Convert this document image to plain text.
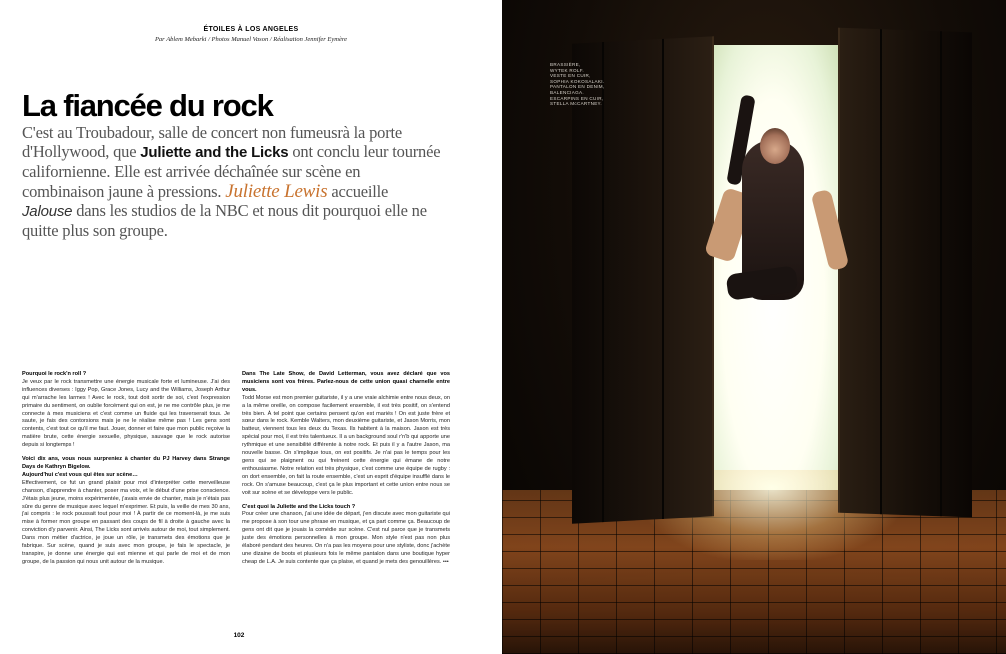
ÉTOILES À LOS ANGELES
Par Ablem Mebarki / Photos Manuel Vason / Réalisation Jennifer Eymère
La fiancée du rock

C'est au Troubadour, salle de concert non fumeusrà la porte d'Hollywood, que Juliette and the Licks ont conclu leur tournée californienne. Elle est arrivée déchaînée sur scène en combinaison jaune à pressions. Juliette Lewis accueille Jalouse dans les studios de la NBC et nous dit pourquoi elle ne quitte plus son groupe.

Pourquoi le rock'n roll ?

Je veux par le rock transmettre une énergie musicale forte et lumineuse. J'ai des influences diverses : Iggy Pop, Grace Jones, Lucy and the Williams, Joseph Arthur qui m'arrache les larmes ! Avec le rock, tout doit sortir de soi, c'est l'expression primaire du sentiment, on oublie forcément qui on est, je ne me contrôle plus, je me connecte à mes musiciens et c'est comme un fluide qui les traverserait tous. Je saute, je fais des contorsions mais je ne le réalise même pas ! Les gens sont contents, c'est tout ce qu'il me faut. Jouer, donner et faire que mon public reçoive la matière brute, cette énergie sexuelle, physique, sauvage que le rock autorise depuis si longtemps !

Voici dix ans, vous nous surpreniez à chanter du PJ Harvey dans Strange Days de Kathryn Bigelow.

Aujourd'hui c'est vous qui êtes sur scène…

Effectivement, ce fut un grand plaisir pour moi d'interpréter cette merveilleuse chanson, d'apprendre à chanter, poser ma voix, et le début d'une prise conscience. J'étais plus jeune, moins expérimentée, j'avais envie de chanter, mais je n'étais pas sûre du genre de musique avec lequel m'exprimer. Et puis, la veille de mes 30 ans, j'ai compris : le rock poussait tout pour moi ! À partir de ce moment-là, je me suis mise à former mon groupe en passant des coups de fil à droite à gauche avec la conviction d'y parvenir. Ainsi, The Licks sont arrivés autour de moi, tout simplement. Dans mon métier d'actrice, je joue un rôle, je transmets des émotions que je fabrique. Sur scène, quand je suis avec mon groupe, je fais le spectacle, je transpire, je donne une énergie qui est mienne et qui parle de moi et de mon groupe, de la passion qui nous unit autour de la musique.

Dans The Late Show, de David Letterman, vous avez déclaré que vos musiciens sont vos frères. Parlez-nous de cette union quasi charnelle entre vous.

Todd Morse est mon premier guitariste, il y a une vraie alchimie entre nous deux, on a la même oreille, on compose facilement ensemble, il est très positif, on s'entend très bien. À tel point que certains pensent qu'on est mariés ! On est juste frère et sœur dans le rock. Kemble Walters, mon deuxième guitariste, et Jason Morris, mon batteur, viennent tous les deux du Texas. Ils habitent à la maison. Jason est très spécial pour moi, il est très talentueux. Il a un background soul r'n'b qui apporte une rythmique et une sensibilité différente à notre rock. Et puis il y a l'autre Jason, ma nouvelle basse. On s'implique tous, on est positifs. Je n'ai pas le temps pour les gens qui se plaignent ou qui freinent cette énergie qui émane de notre enthousiasme. Notre relation est très physique, c'est comme une équipe de rugby : on dort ensemble, on fait la route ensemble, c'est un esprit d'équipe insufflé dans le rock. On s'amuse beaucoup, c'est ça le plus important et cette union entre nous se voit sur scène et se développe vers le public.

C'est quoi la Juliette and the Licks touch ?

Pour créer une chanson, j'ai une idée de départ, j'en discute avec mon guitariste qui me propose à son tour une phrase en musique, et ça part comme ça. Beaucoup de gens ont dit que je jouais la comédie sur scène. C'est nul parce que je transmets juste des émotions personnelles à mon groupe. Mon style n'est pas non plus élaboré pendant des heures. On n'a pas les moyens pour une styliste, donc j'achète une dizaine de boots et plusieurs fois le même pantalon dans une boutique hyper cheap de L.A. Je suis contente que ça plaise, et quand je mets des genouillères. •••

102
BRASSIÈRE,
WYTEK ROLF.
VESTE EN CUIR,
SOPHIA KOKOSALAKI.
PANTALON EN DENIM,
BALENCIAGA.
ESCARPINS EN CUIR,
STELLA McCARTNEY.
